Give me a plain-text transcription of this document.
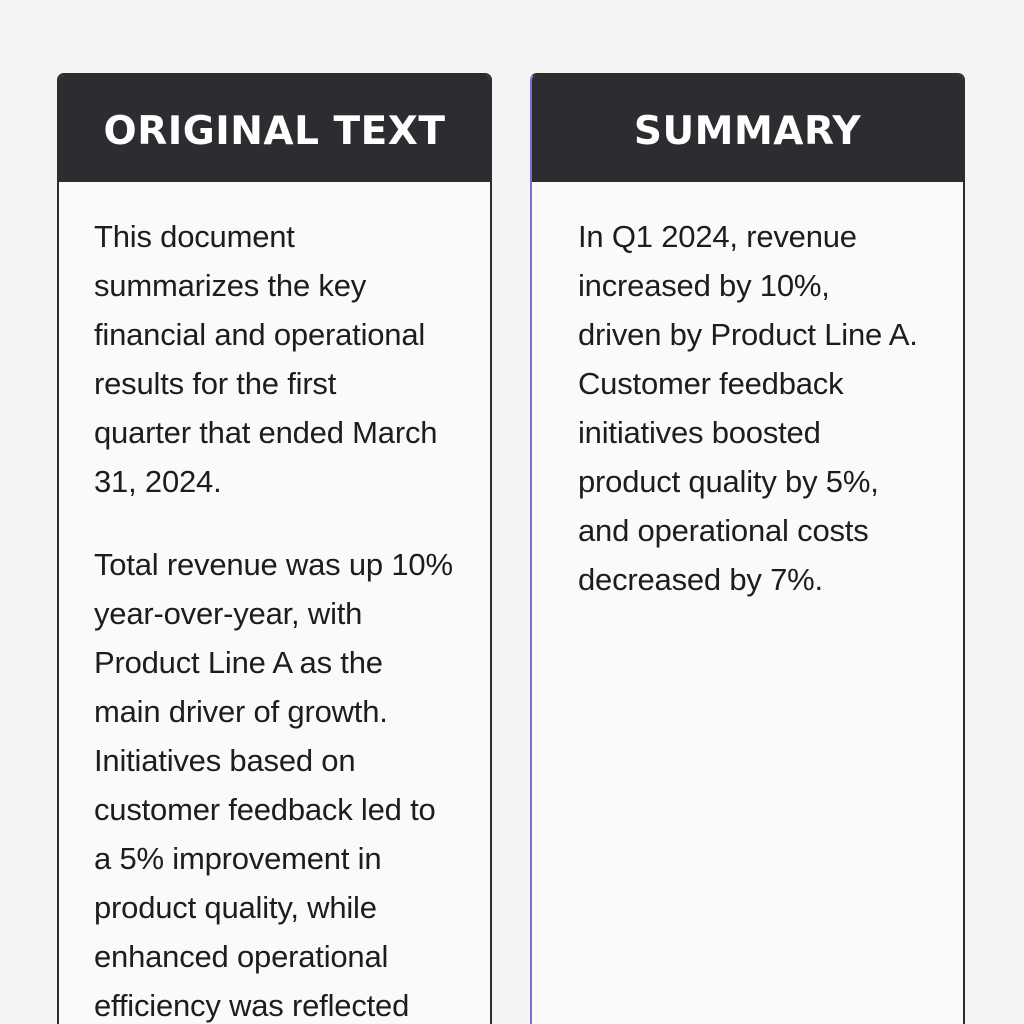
ORIGINAL TEXT

This document
summarizes the key
financial and operational
results for the first
quarter that ended March
31, 2024.

Total revenue was up 10%
year-over-year, with
Product Line A as the
main driver of growth.
Initiatives based on
customer feedback led to
a 5% improvement in
product quality, while
enhanced operational
efficiency was reflected

SUMMARY

In Q1 2024, revenue
increased by 10%,
driven by Product Line A.
Customer feedback
initiatives boosted
product quality by 5%,
and operational costs
decreased by 7%.
